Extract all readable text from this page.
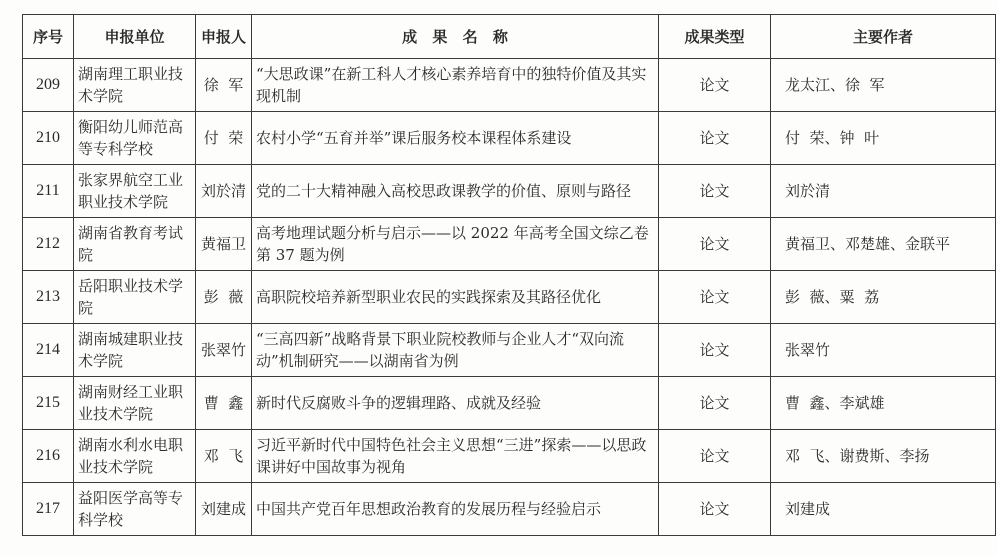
序号	申报单位	申报人	成 果 名 称	成果类型	主要作者
209	湖南理工职业技术学院	徐  军	“大思政课”在新工科人才核心素养培育中的独特价值及其实现机制	论文	龙太江、徐  军
210	衡阳幼儿师范高等专科学校	付  荣	农村小学“五育并举”课后服务校本课程体系建设	论文	付  荣、钟  叶
211	张家界航空工业职业技术学院	刘於清	党的二十大精神融入高校思政课教学的价值、原则与路径	论文	刘於清
212	湖南省教育考试院	黄福卫	高考地理试题分析与启示——以 2022 年高考全国文综乙卷第 37 题为例	论文	黄福卫、邓楚雄、金联平
213	岳阳职业技术学院	彭  薇	高职院校培养新型职业农民的实践探索及其路径优化	论文	彭  薇、粟  荔
214	湖南城建职业技术学院	张翠竹	“三高四新”战略背景下职业院校教师与企业人才“双向流动”机制研究——以湖南省为例	论文	张翠竹
215	湖南财经工业职业技术学院	曹  鑫	新时代反腐败斗争的逻辑理路、成就及经验	论文	曹  鑫、李斌雄
216	湖南水利水电职业技术学院	邓  飞	习近平新时代中国特色社会主义思想“三进”探索——以思政课讲好中国故事为视角	论文	邓  飞、谢费斯、李扬
217	益阳医学高等专科学校	刘建成	中国共产党百年思想政治教育的发展历程与经验启示	论文	刘建成
